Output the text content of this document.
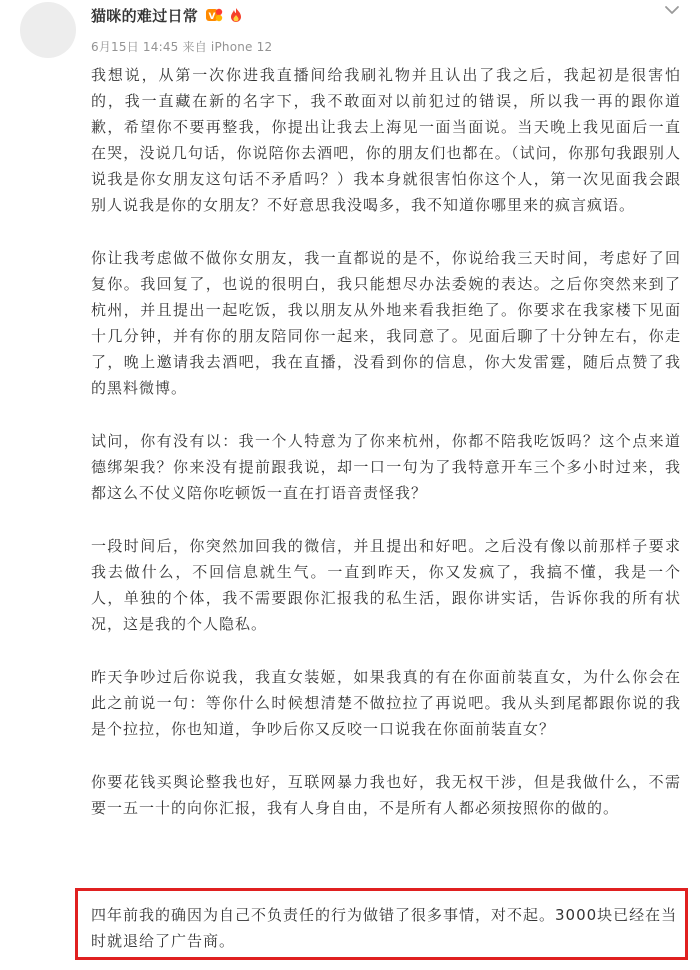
猫咪的难过日常 V
6月15日 14:45 来自 iPhone 12

我想说，从第一次你进我直播间给我刷礼物并且认出了我之后，我起初是很害怕的，我一直藏在新的名字下，我不敢面对以前犯过的错误，所以我一再的跟你道歉，希望你不要再整我，你提出让我去上海见一面当面说。当天晚上我见面后一直在哭，没说几句话，你说陪你去酒吧，你的朋友们也都在。（试问，你那句我跟别人说我是你女朋友这句话不矛盾吗？）我本身就很害怕你这个人，第一次见面我会跟别人说我是你的女朋友？不好意思我没喝多，我不知道你哪里来的疯言疯语。

你让我考虑做不做你女朋友，我一直都说的是不，你说给我三天时间，考虑好了回复你。我回复了，也说的很明白，我只能想尽办法委婉的表达。之后你突然来到了杭州，并且提出一起吃饭，我以朋友从外地来看我拒绝了。你要求在我家楼下见面十几分钟，并有你的朋友陪同你一起来，我同意了。见面后聊了十分钟左右，你走了，晚上邀请我去酒吧，我在直播，没看到你的信息，你大发雷霆，随后点赞了我的黑料微博。

试问，你有没有以：我一个人特意为了你来杭州，你都不陪我吃饭吗？这个点来道德绑架我？你来没有提前跟我说，却一口一句为了我特意开车三个多小时过来，我都这么不仗义陪你吃顿饭一直在打语音责怪我？

一段时间后，你突然加回我的微信，并且提出和好吧。之后没有像以前那样子要求我去做什么，不回信息就生气。一直到昨天，你又发疯了，我搞不懂，我是一个人，单独的个体，我不需要跟你汇报我的私生活，跟你讲实话，告诉你我的所有状况，这是我的个人隐私。

昨天争吵过后你说我，我直女装姬，如果我真的有在你面前装直女，为什么你会在此之前说一句：等你什么时候想清楚不做拉拉了再说吧。我从头到尾都跟你说的我是个拉拉，你也知道，争吵后你又反咬一口说我在你面前装直女？

你要花钱买舆论整我也好，互联网暴力我也好，我无权干涉，但是我做什么，不需要一五一十的向你汇报，我有人身自由，不是所有人都必须按照你的做的。

四年前我的确因为自己不负责任的行为做错了很多事情，对不起。3000块已经在当时就退给了广告商。
